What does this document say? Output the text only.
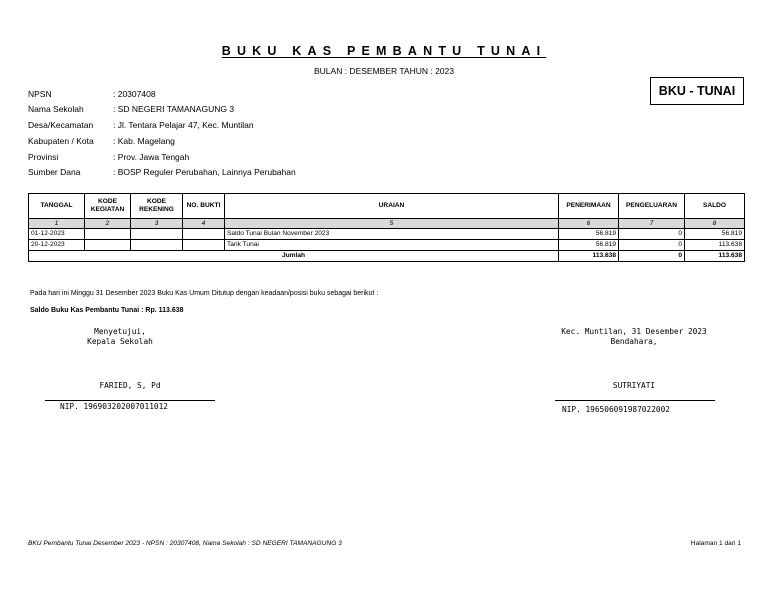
BUKU KAS PEMBANTU TUNAI
BULAN : DESEMBER TAHUN : 2023
BKU - TUNAI
NPSN	: 20307408
Nama Sekolah	: SD NEGERI TAMANAGUNG 3
Desa/Kecamatan : Jl. Tentara Pelajar 47, Kec. Muntilan
Kabupaten / Kota : Kab. Magelang
Provinsi	: Prov. Jawa Tengah
Sumber Dana	: BOSP Reguler Perubahan, Lainnya Perubahan
TANGGAL	KODE KEGIATAN	KODE REKENING	NO. BUKTI	URAIAN	PENERIMAAN	PENGELUARAN	SALDO
1	2	3	4	5	6	7	8
01-12-2023				Saldo Tunai Bulan November 2023	56.819	0	56.819
20-12-2023				Tarik Tunai	56.819	0	113.638
Jumlah					113.638	0	113.638
Pada hari ini Minggu 31 Desember 2023 Buku Kas Umum Ditutup dengan keadaan/posisi buku sebagai berikut :
Saldo Buku Kas Pembantu Tunai : Rp. 113.638
Menyetujui,
Kepala Sekolah
FARIED, S, Pd
NIP. 196903202007011012
Kec. Muntilan, 31 Desember 2023
Bendahara,
SUTRIYATI
NIP. 196506091987022002
BKU Pembantu Tunai Desember 2023 - NPSN : 20307408, Nama Sekolah : SD NEGERI TAMANAGUNG 3	Halaman 1 dari 1
